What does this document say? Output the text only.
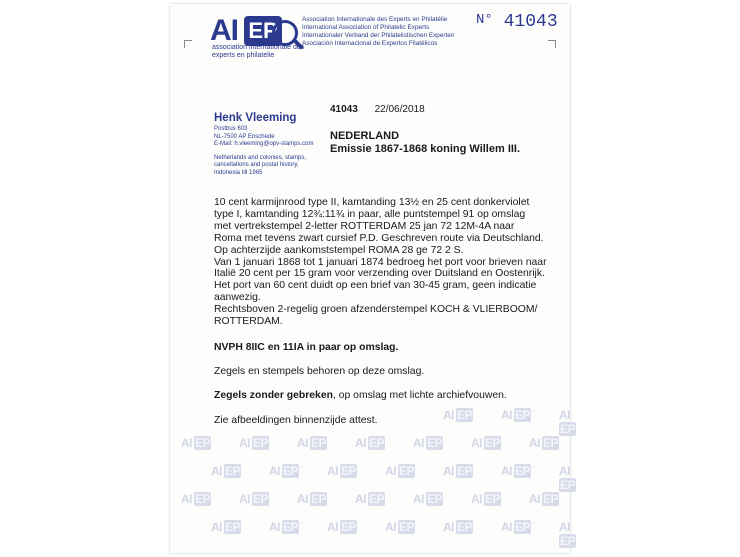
AI EP
association internationale des experts en philatelie
Association Internationale des Experts en Philatélie
International Association of Philatelic Experts
Internationaler Verband der Philatelistischen Experten
Asociación Internacional de Expertos Filatélicos
$^{N^\circ}$ 41043
Henk Vleeming
Postbus 603
NL-7500 AP Enschede
E-Mail: h.vleeming@opv-stamps.com
Netherlands and colonies, stamps,
cancellations and postal history,
Indonesia till 1965
41043 22/06/2018
NEDERLAND
Emissie 1867-1868 koning Willem III.
10 cent karmijnrood type II, kamtanding 13½ en 25 cent donkerviolet
type I, kamtanding 12¾:11¾ in paar, alle puntstempel 91 op omslag
met vertrekstempel 2-letter ROTTERDAM 25 jan 72 12M-4A naar
Roma met tevens zwart cursief P.D. Geschreven route via Deutschland.
Op achterzijde aankomststempel ROMA 28 ge 72 2 S.
Van 1 januari 1868 tot 1 januari 1874 bedroeg het port voor brieven naar
Italië 20 cent per 15 gram voor verzending over Duitsland en Oostenrijk.
Het port van 60 cent duidt op een brief van 30-45 gram, geen indicatie
aanwezig.
Rechtsboven 2-regelig groen afzenderstempel KOCH & VLIERBOOM/
ROTTERDAM.
NVPH 8IIC en 11IA in paar op omslag.
Zegels en stempels behoren op deze omslag.
Zegels zonder gebreken, op omslag met lichte archiefvouwen.
Zie afbeeldingen binnenzijde attest.	AI EP AI EP AIEP
AI EP AI EP AI EP AI EP AI EP AI EP AI EP
AI EP AI EP AI EP AI EP AI EP AI EP AIEP
AI EP AI EP AI EP AI EP AI EP AI EP AI EP
AI EP AI EP AI EP AI EP AI EP AI EP AIEP
